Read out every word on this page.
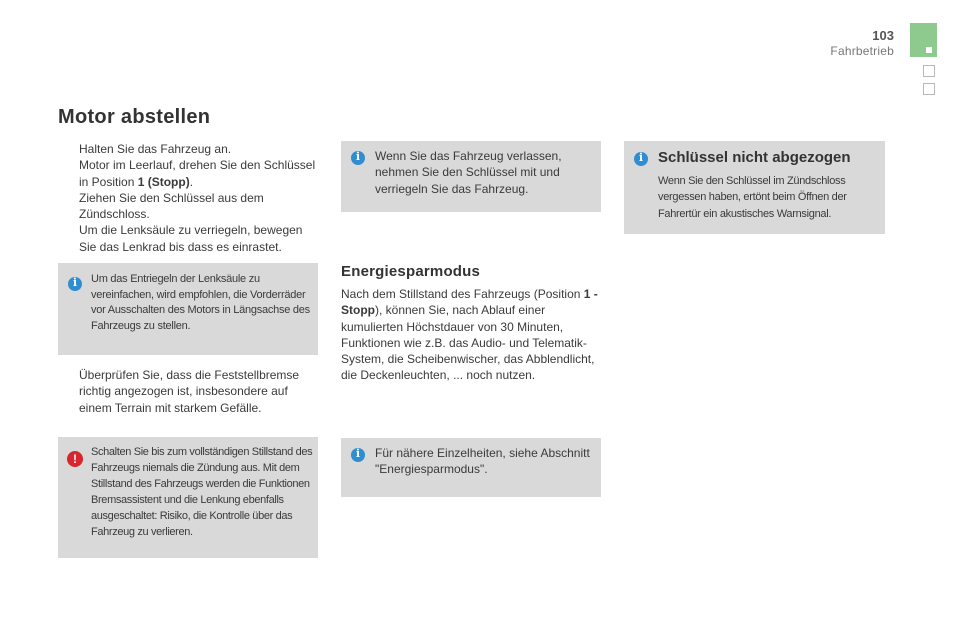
103
Fahrbetrieb
Motor abstellen
Halten Sie das Fahrzeug an.
Motor im Leerlauf, drehen Sie den Schlüssel in Position 1 (Stopp).
Ziehen Sie den Schlüssel aus dem Zündschloss.
Um die Lenksäule zu verriegeln, bewegen Sie das Lenkrad bis dass es einrastet.
i
Um das Entriegeln der Lenksäule zu vereinfachen, wird empfohlen, die Vorderräder vor Ausschalten des Motors in Längsachse des Fahrzeugs zu stellen.
Überprüfen Sie, dass die Feststellbremse richtig angezogen ist, insbesondere auf einem Terrain mit starkem Gefälle.
!
Schalten Sie bis zum vollständigen Stillstand des Fahrzeugs niemals die Zündung aus. Mit dem Stillstand des Fahrzeugs werden die Funktionen Bremsassistent und die Lenkung ebenfalls ausgeschaltet: Risiko, die Kontrolle über das Fahrzeug zu verlieren.
i
Wenn Sie das Fahrzeug verlassen, nehmen Sie den Schlüssel mit und verriegeln Sie das Fahrzeug.
Energiesparmodus

Nach dem Stillstand des Fahrzeugs (Position 1 - Stopp), können Sie, nach Ablauf einer kumulierten Höchstdauer von 30 Minuten, Funktionen wie z.B. das Audio- und Telematik-System, die Scheibenwischer, das Abblendlicht, die Deckenleuchten, ... noch nutzen.

i
Für nähere Einzelheiten, siehe Abschnitt "Energiesparmodus".
i
Schlüssel nicht abgezogen
Wenn Sie den Schlüssel im Zündschloss vergessen haben, ertönt beim Öffnen der Fahrertür ein akustisches Warnsignal.
